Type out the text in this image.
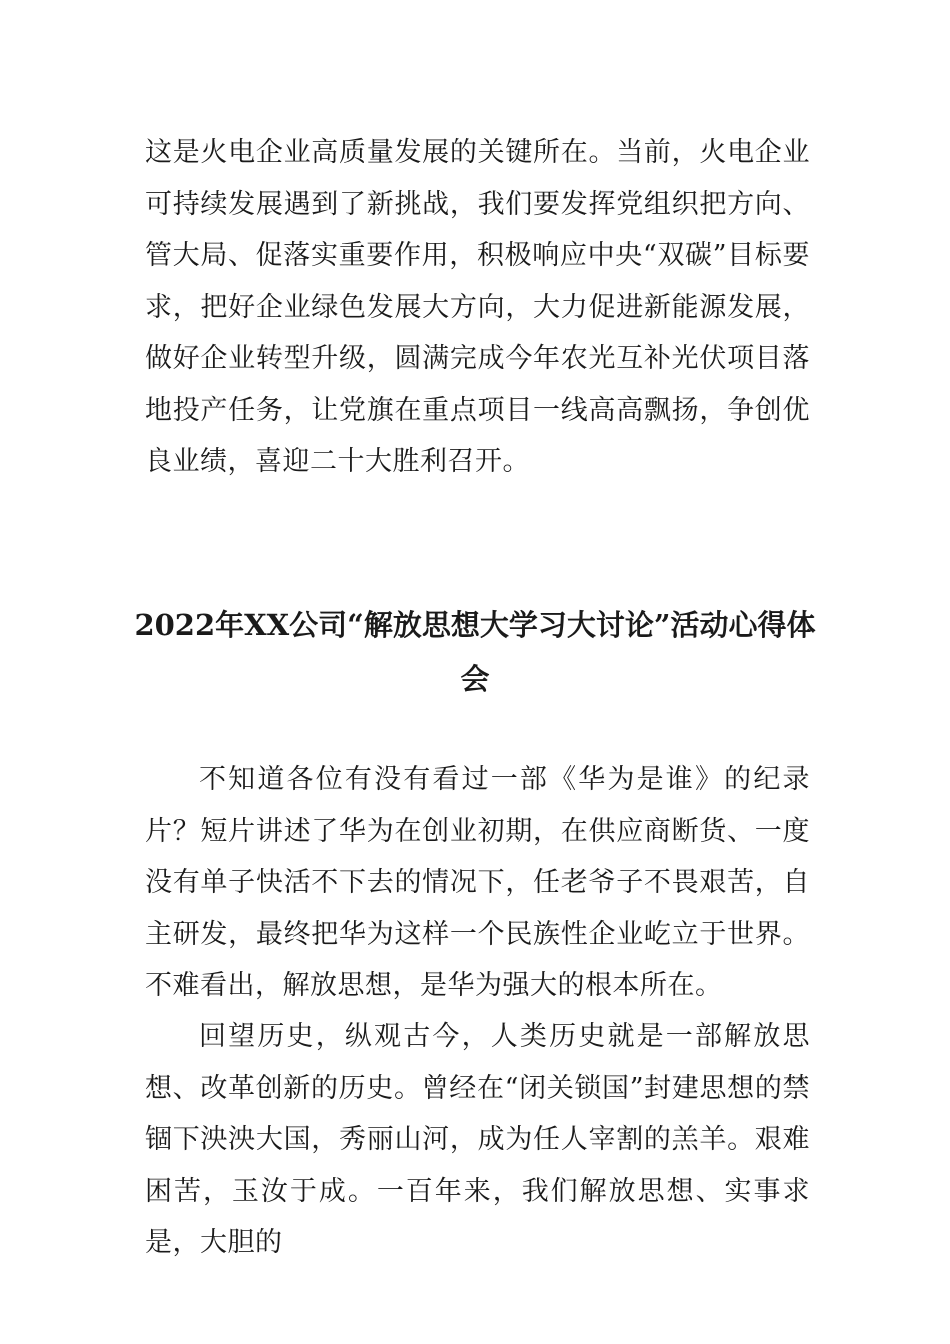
这是火电企业高质量发展的关键所在。当前，火电企业可持续发展遇到了新挑战，我们要发挥党组织把方向、管大局、促落实重要作用，积极响应中央“双碳”目标要求，把好企业绿色发展大方向，大力促进新能源发展，做好企业转型升级，圆满完成今年农光互补光伏项目落地投产任务，让党旗在重点项目一线高高飘扬，争创优良业绩，喜迎二十大胜利召开。

2022年XX公司“解放思想大学习大讨论”活动心得体会

不知道各位有没有看过一部《华为是谁》的纪录片？短片讲述了华为在创业初期，在供应商断货、一度没有单子快活不下去的情况下，任老爷子不畏艰苦，自主研发，最终把华为这样一个民族性企业屹立于世界。不难看出，解放思想，是华为强大的根本所在。

回望历史，纵观古今，人类历史就是一部解放思想、改革创新的历史。曾经在“闭关锁国”封建思想的禁锢下泱泱大国，秀丽山河，成为任人宰割的羔羊。艰难困苦，玉汝于成。一百年来，我们解放思想、实事求是，大胆的
